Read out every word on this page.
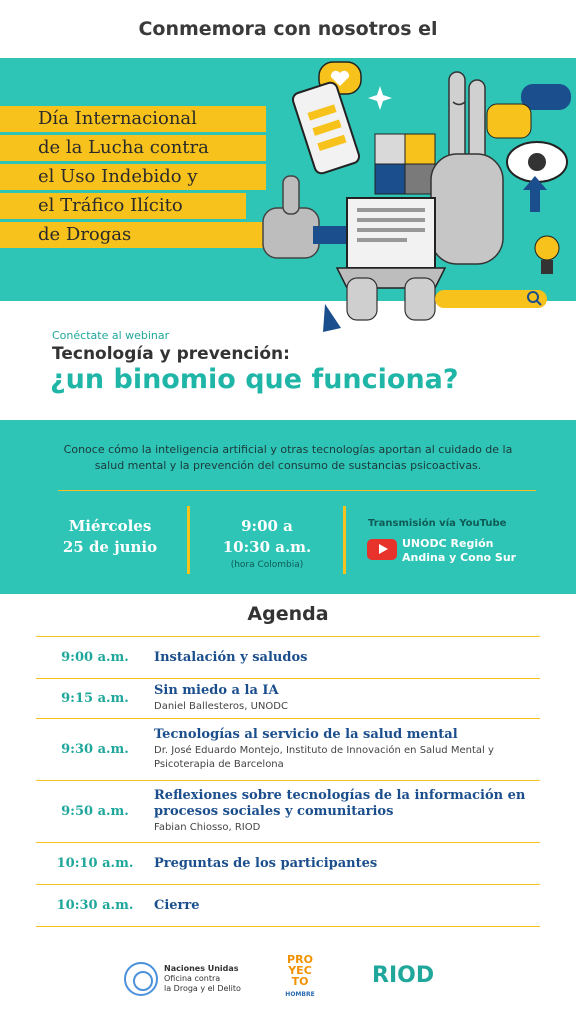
Conmemora con nosotros el
Día Internacional
de la Lucha contra
el Uso Indebido y
el Tráfico Ilícito
de Drogas
Conéctate al webinar
Tecnología y prevención:
¿un binomio que funciona?

Conoce cómo la inteligencia artificial y otras tecnologías aportan al cuidado de la salud mental y la prevención del consumo de sustancias psicoactivas.

Miércoles
25 de junio
9:00 a
10:30 a.m.
(hora Colombia)
Transmisión vía YouTube
UNODC Región
Andina y Cono Sur
Agenda
9:00 a.m.	Instalación y saludos
9:15 a.m.
Sin miedo a la IA
Daniel Ballesteros, UNODC
9:30 a.m.
Tecnologías al servicio de la salud mental
Dr. José Eduardo Montejo, Instituto de Innovación en Salud Mental y Psicoterapia de Barcelona
9:50 a.m.
Reflexiones sobre tecnologías de la información en procesos sociales y comunitarios
Fabian Chiosso, RIOD
10:10 a.m.	Preguntas de los participantes
10:30 a.m.	Cierre
Naciones Unidas
Oficina contra
la Droga y el Delito
PRO
YEC
TO
HOMBRE
RIOD
